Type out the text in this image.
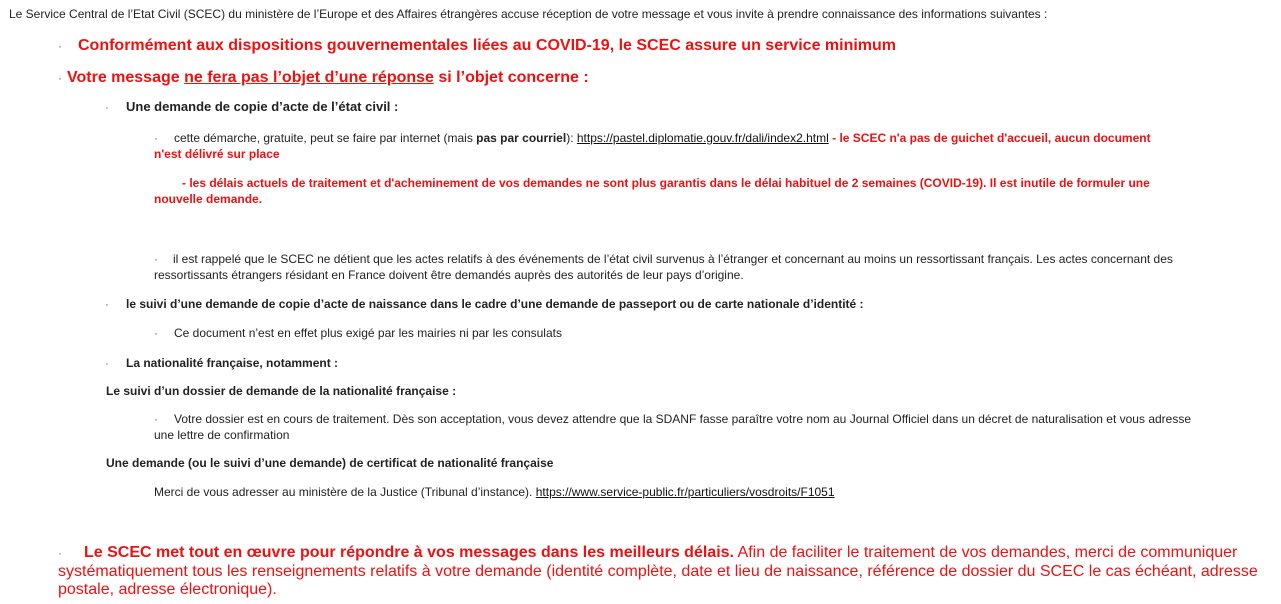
Le Service Central de l’Etat Civil (SCEC) du ministère de l’Europe et des Affaires étrangères accuse réception de votre message et vous invite à prendre connaissance des informations suivantes :
· Conformément aux dispositions gouvernementales liées au COVID-19, le SCEC assure un service minimum
· Votre message ne fera pas l’objet d’une réponse si l’objet concerne :
· Une demande de copie d’acte de l’état civil :
· cette démarche, gratuite, peut se faire par internet (mais pas par courriel): https://pastel.diplomatie.gouv.fr/dali/index2.html - le SCEC n'a pas de guichet d'accueil, aucun document
n'est délivré sur place
- les délais actuels de traitement et d'acheminement de vos demandes ne sont plus garantis dans le délai habituel de 2 semaines (COVID-19). Il est inutile de formuler une
nouvelle demande.
· il est rappelé que le SCEC ne détient que les actes relatifs à des événements de l’état civil survenus à l’étranger et concernant au moins un ressortissant français. Les actes concernant des
ressortissants étrangers résidant en France doivent être demandés auprès des autorités de leur pays d’origine.
· le suivi d’une demande de copie d’acte de naissance dans le cadre d’une demande de passeport ou de carte nationale d’identité :
· Ce document n’est en effet plus exigé par les mairies ni par les consulats
· La nationalité française, notamment :
Le suivi d’un dossier de demande de la nationalité française :
· Votre dossier est en cours de traitement. Dès son acceptation, vous devez attendre que la SDANF fasse paraître votre nom au Journal Officiel dans un décret de naturalisation et vous adresse
une lettre de confirmation
Une demande (ou le suivi d’une demande) de certificat de nationalité française
Merci de vous adresser au ministère de la Justice (Tribunal d’instance). https://www.service-public.fr/particuliers/vosdroits/F1051
· Le SCEC met tout en œuvre pour répondre à vos messages dans les meilleurs délais. Afin de faciliter le traitement de vos demandes, merci de communiquer
systématiquement tous les renseignements relatifs à votre demande (identité complète, date et lieu de naissance, référence de dossier du SCEC le cas échéant, adresse
postale, adresse électronique).
